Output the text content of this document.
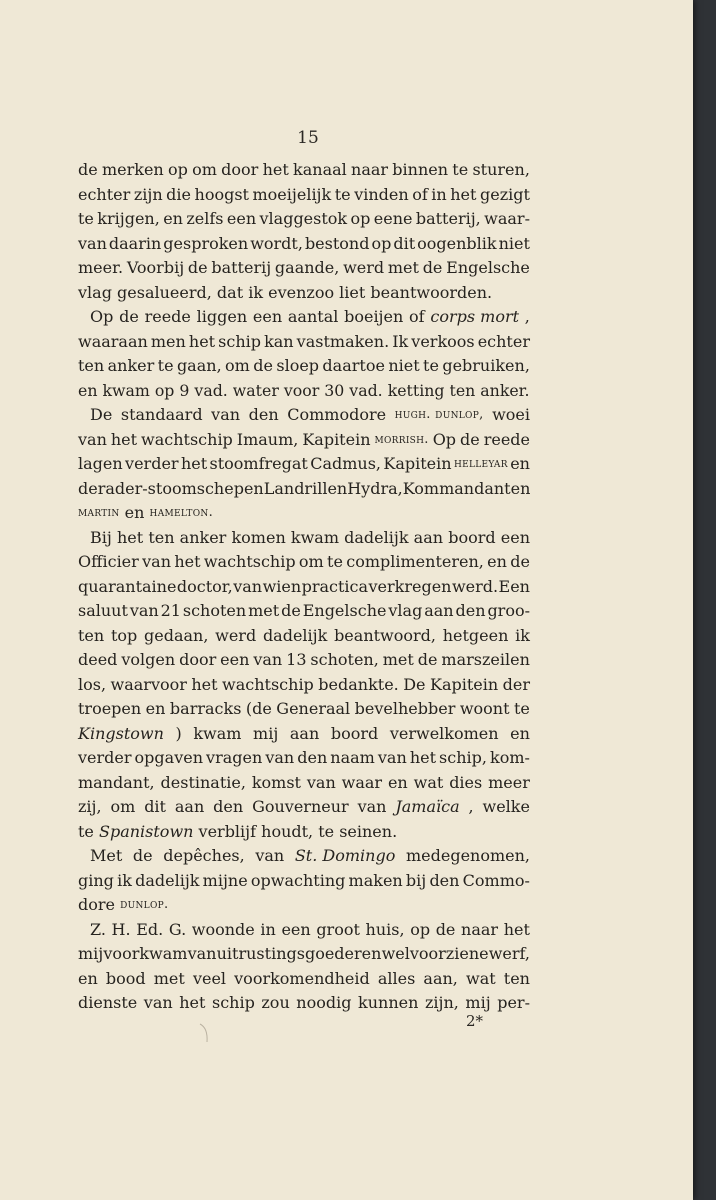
15
de merken op om door het kanaal naar binnen te sturen,
echter zijn die hoogst moeijelijk te vinden of in het gezigt
te krijgen, en zelfs een vlaggestok op eene batterij, waar-
van daarin gesproken wordt, bestond op dit oogenblik niet
meer. Voorbij de batterij gaande, werd met de Engelsche
vlag gesalueerd, dat ik evenzoo liet beantwoorden.
Op de reede liggen een aantal boeijen of corps mort ,
waaraan men het schip kan vastmaken. Ik verkoos echter
ten anker te gaan, om de sloep daartoe niet te gebruiken,
en kwam op 9 vad. water voor 30 vad. ketting ten anker.
De standaard van den Commodore hugh. dunlop, woei
van het wachtschip Imaum, Kapitein morrish. Op de reede
lagen verder het stoomfregat Cadmus, Kapitein helleyar en
de rader-stoomschepen Landrill en Hydra, Kommandanten
martin
en
hamelton.
Bij het ten anker komen kwam dadelijk aan boord een
Officier van het wachtschip om te complimenteren, en de
quarantaine doctor, van wien practica verkregen werd. Een
saluut van 21 schoten met de Engelsche vlag aan den groo-
ten top gedaan, werd dadelijk beantwoord, hetgeen ik
deed volgen door een van 13 schoten, met de marszeilen
los, waarvoor het wachtschip bedankte. De Kapitein der
troepen en barracks (de Generaal bevelhebber woont te
Kingstown ) kwam mij aan boord verwelkomen en
verder opgaven vragen van den naam van het schip, kom-
mandant, destinatie, komst van waar en wat dies meer
zij, om dit aan den Gouverneur van Jamaïca , welke
te
Spanistown
verblijf houdt, te seinen.
Met de depêches, van St. Domingo medegenomen,
ging ik dadelijk mijne opwachting maken bij den Commo-
dore
dunlop.
Z. H. Ed. G. woonde in een groot huis, op de naar het
mij voorkwam van uitrustingsgoederen welvoorziene werf,
en bood met veel voorkomendheid alles aan, wat ten
dienste van het schip zou noodig kunnen zijn, mij per-
2*
